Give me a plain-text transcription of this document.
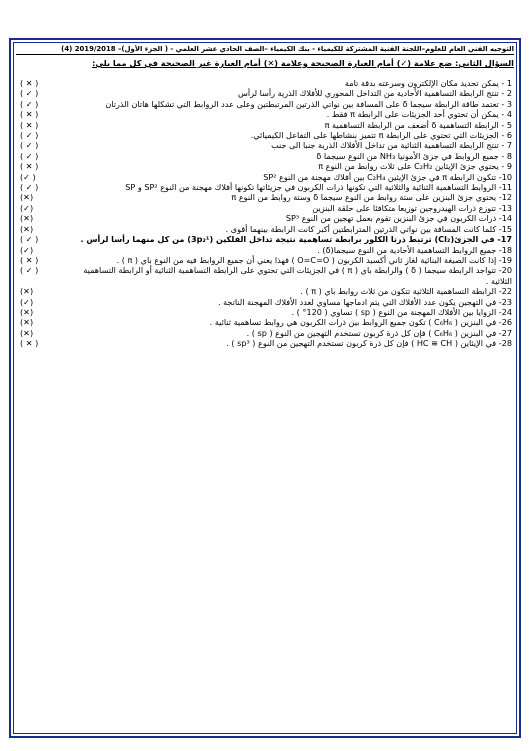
التوجيه الفني العام للعلوم–اللجنة الفنية المشتركة للكيمياء - بنك الكيمياء –الصف الحادي عشر العلمي - ( الجزء الأول)– 2019/2018 (4)
السؤال الثاني: ضع علامة (✓) أمام العبارة الصحيحة وعلامة (✕) أمام العبارة غير الصحيحة في كل مما يلي:
( ✕ )	1 - يمكن تحديد مكان الإلكترون وسرعته بدقة تامة
( ✓ )	2 - تنتج الرابطة التساهمية الأحادية من التداخل المحوري للأفلاك الذرية رأسا لرأس
( ✓ )	3 - تعتمد طاقة الرابطة سيجما δ على المسافة بين نواتي الذرتين المرتبطتين وعلى عدد الروابط التي تشكلها هاتان الذرتان
( ✕ )	4 - يمكن أن تحتوي أحد الجزيئات على الرابطة π فقط .
( ✕ )	5 - الرابطة التساهمية δ أضعف من الرابطة التساهمية π
( ✓ )	6 - الجزيئات التي تحتوي على الرابطة π تتميز بنشاطها على التفاعل الكيميائي.
( ✓ )	7 - تنتج الرابطة التساهمية الثنائية من تداخل الأفلاك الذرية جنبا الى جنب
( ✓ )	8 - جميع الروابط في جزئ الأمونيا NH₃ من النوع سيجما δ
( ✕ )	9 - يحتوي جزئ الإيثاين C₂H₂ على ثلاث روابط من النوع π
(✓ )	10- تتكون الرابطة π في جزئ الإيثين C₂H₄ بين أفلاك مهجنة من النوع SP²
( ✓ )	11- الروابط التساهمية الثنائية والثلاثية التي تكونها ذرات الكربون في جزيئاتها تكونها أفلاك مهجنة من النوع SP² و SP
(✕)	12- يحتوي جزئ البنزين على ستة روابط من النوع سيجما δ وستة روابط من النوع π
(✓)	13- تتوزع ذرات الهيدروجين توزيعا متكافئا على حلقة البنزين
(✕)	14- ذرات الكربون في جزئ البنزين تقوم بعمل تهجين من النوع SP³
(✕)	15- كلما كانت المسافة بين نواتي الذرتين المترابطتين أكبر كانت الرابطة بينهما أقوى .
( ✓ )	17- في الجزئ(Cl₂) ترتبط ذرتا الكلور برابطة تساهمية نتيجة تداخل الفلكين (3p₂¹) من كل منهما رأسا لرأس .
(✓)	18- جميع الروابط التساهمية الأحادية من النوع سيجما(δ) .
( ✕ )	19- إذا كانت الصيغة البنائية لغاز ثاني أكسيد الكربون ( O=C=O ) فهذا يعني أن جميع الروابط فيه من النوع باي ( π ) .
( ✓ )	20- تتواجد الرابطة سيجما ( δ ) والرابطة باي ( π ) في الجزيئات التي تحتوي على الرابطة التساهمية الثنائية أو الرابطة التساهمية الثلاثية .
(✕)	22- الرابطة التساهمية الثلاثية تتكون من ثلاث روابط باي ( π ) .
(✓)	23- في التهجين يكون عدد الأفلاك التي يتم ادماجها مساوي لعدد الأفلاك المهجنة الناتجة .
(✕)	24- الزوايا بين الأفلاك المهجنة من النوع ( sp ) تساوي ( 120° ) .
(✕)	26- في البنزين ( C₆H₆ ) تكون جميع الروابط بين ذرات الكربون هي روابط تساهمية ثنائية .
(✕)	27- في البنزين ( C₆H₆ ) فإن كل ذرة كربون تستخدم التهجين من النوع ( sp ) .
( ✕ )	28- في الإيثاين ( HC ≡ CH ) فإن كل ذرة كربون تستخدم التهجين من النوع ( sp³ ) .
